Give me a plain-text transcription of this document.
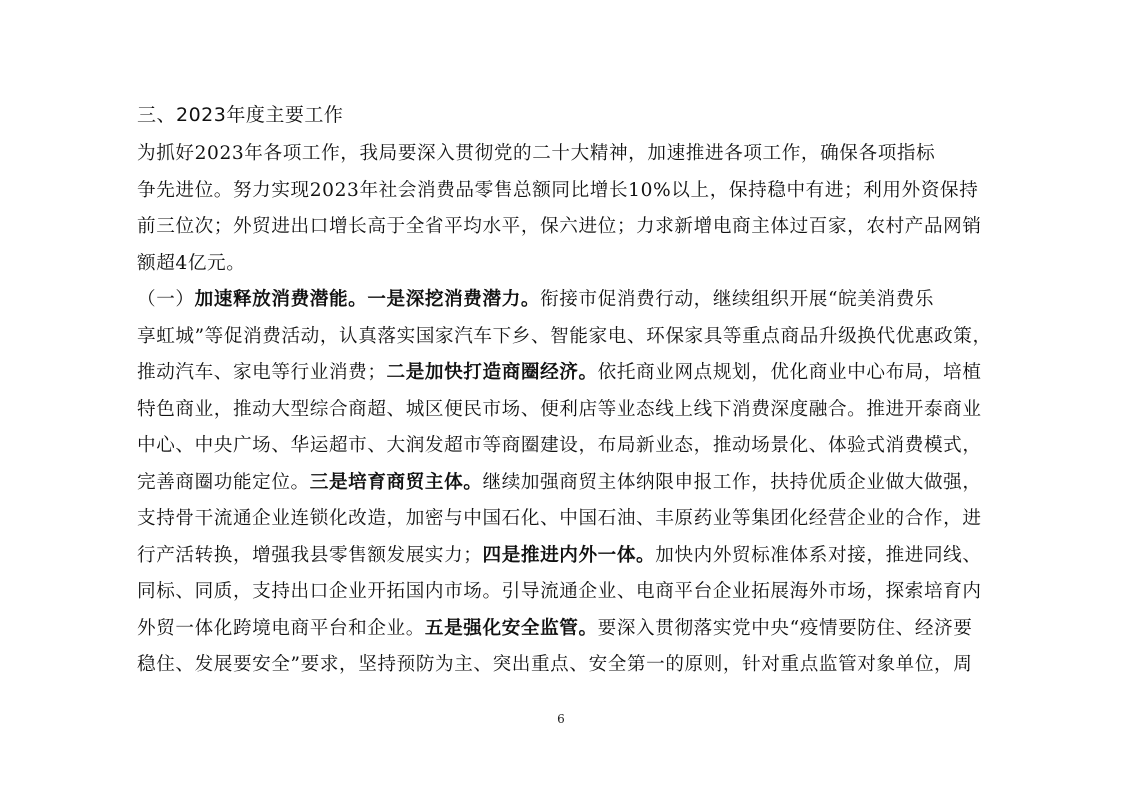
三、2023年度主要工作
为抓好2023年各项工作，我局要深入贯彻党的二十大精神，加速推进各项工作，确保各项指标
争先进位。努力实现2023年社会消费品零售总额同比增长10%以上，保持稳中有进；利用外资保持
前三位次；外贸进出口增长高于全省平均水平，保六进位；力求新增电商主体过百家，农村产品网销
额超4亿元。
（一）加速释放消费潜能。一是深挖消费潜力。衔接市促消费行动，继续组织开展“皖美消费乐
享虹城”等促消费活动，认真落实国家汽车下乡、智能家电、环保家具等重点商品升级换代优惠政策，
推动汽车、家电等行业消费；二是加快打造商圈经济。依托商业网点规划，优化商业中心布局，培植
特色商业，推动大型综合商超、城区便民市场、便利店等业态线上线下消费深度融合。推进开泰商业
中心、中央广场、华运超市、大润发超市等商圈建设，布局新业态，推动场景化、体验式消费模式，
完善商圈功能定位。三是培育商贸主体。继续加强商贸主体纳限申报工作，扶持优质企业做大做强，
支持骨干流通企业连锁化改造，加密与中国石化、中国石油、丰原药业等集团化经营企业的合作，进
行产活转换，增强我县零售额发展实力；四是推进内外一体。加快内外贸标准体系对接，推进同线、
同标、同质，支持出口企业开拓国内市场。引导流通企业、电商平台企业拓展海外市场，探索培育内
外贸一体化跨境电商平台和企业。五是强化安全监管。要深入贯彻落实党中央“疫情要防住、经济要
稳住、发展要安全”要求，坚持预防为主、突出重点、安全第一的原则，针对重点监管对象单位，周
6
